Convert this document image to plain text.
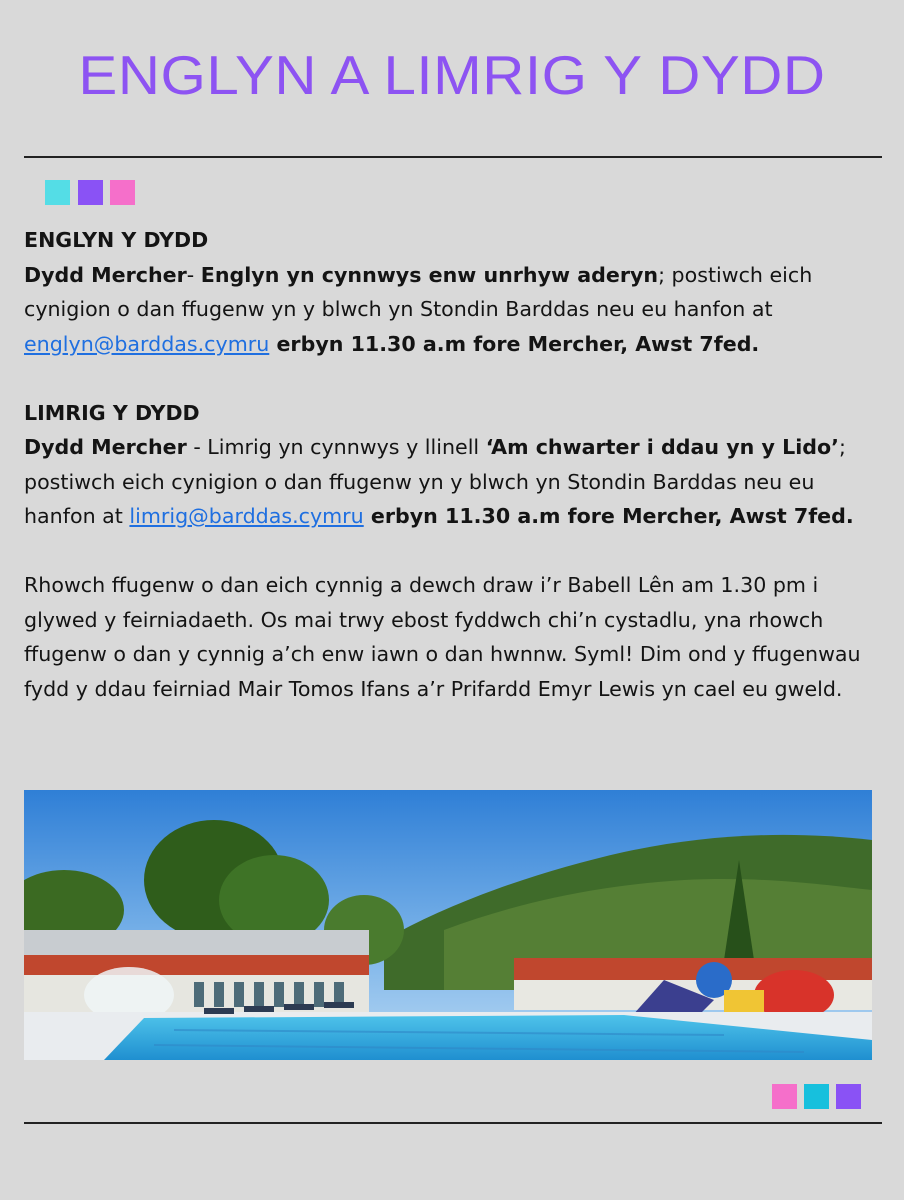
ENGLYN A LIMRIG Y DYDD

ENGLYN Y DYDD

Dydd Mercher- Englyn yn cynnwys enw unrhyw aderyn; postiwch eich cynigion o dan ffugenw yn y blwch yn Stondin Barddas neu eu hanfon at englyn@barddas.cymru erbyn 11.30 a.m fore Mercher, Awst 7fed.

LIMRIG Y DYDD

Dydd Mercher - Limrig yn cynnwys y llinell ‘Am chwarter i ddau yn y Lido’; postiwch eich cynigion o dan ffugenw yn y blwch yn Stondin Barddas neu eu hanfon at limrig@barddas.cymru erbyn 11.30 a.m fore Mercher, Awst 7fed.

Rhowch ffugenw o dan eich cynnig a dewch draw i’r Babell Lên am 1.30 pm i glywed y feirniadaeth. Os mai trwy ebost fyddwch chi’n cystadlu, yna rhowch ffugenw o dan y cynnig a’ch enw iawn o dan hwnnw. Syml! Dim ond y ffugenwau fydd y ddau feirniad Mair Tomos Ifans a’r Prifardd Emyr Lewis yn cael eu gweld.
